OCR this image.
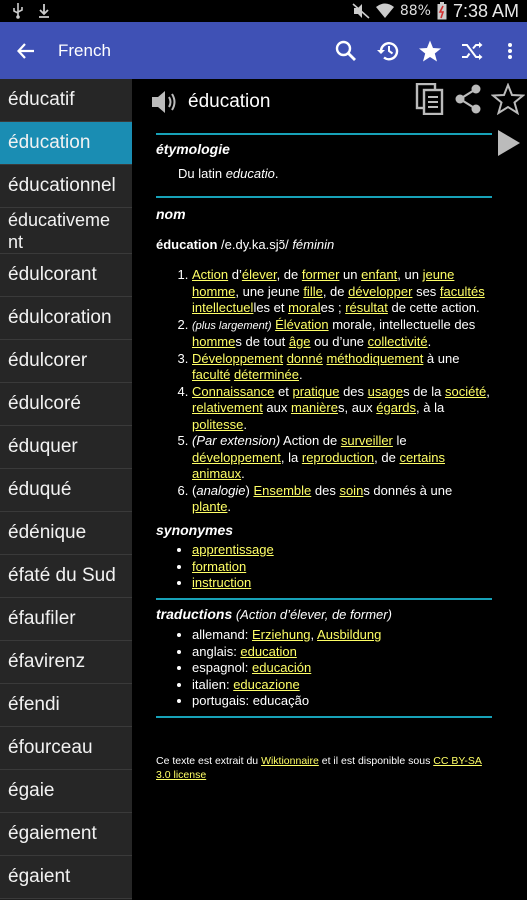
88% 7:38 AM
French
éducatif
éducation
éducationnel
éducativeme
nt
édulcorant
édulcoration
édulcorer
édulcoré
éduquer
éduqué
édénique
éfaté du Sud
éfaufiler
éfavirenz
éfendi
éfourceau
égaie
égaiement
égaient
éducation
étymologie
Du latin educatio.
nom
éducation /e.dy.ka.sjɔ̃/ féminin
1. Action d’élever, de former un enfant, un jeune homme, une jeune fille, de développer ses facultés intellectuelles et morales ; résultat de cette action.
2. (plus largement) Élévation morale, intellectuelle des hommes de tout âge ou d’une collectivité.
3. Développement donné méthodiquement à une faculté déterminée.
4. Connaissance et pratique des usages de la société, relativement aux manières, aux égards, à la politesse.
5. (Par extension) Action de surveiller le développement, la reproduction, de certains animaux.
6. (analogie) Ensemble des soins donnés à une plante.
synonymes
• apprentissage
• formation
• instruction
traductions (Action d’élever, de former)
• allemand: Erziehung, Ausbildung
• anglais: education
• espagnol: educación
• italien: educazione
• portugais: educação
Ce texte est extrait du Wiktionnaire et il est disponible sous CC BY-SA 3.0 license
